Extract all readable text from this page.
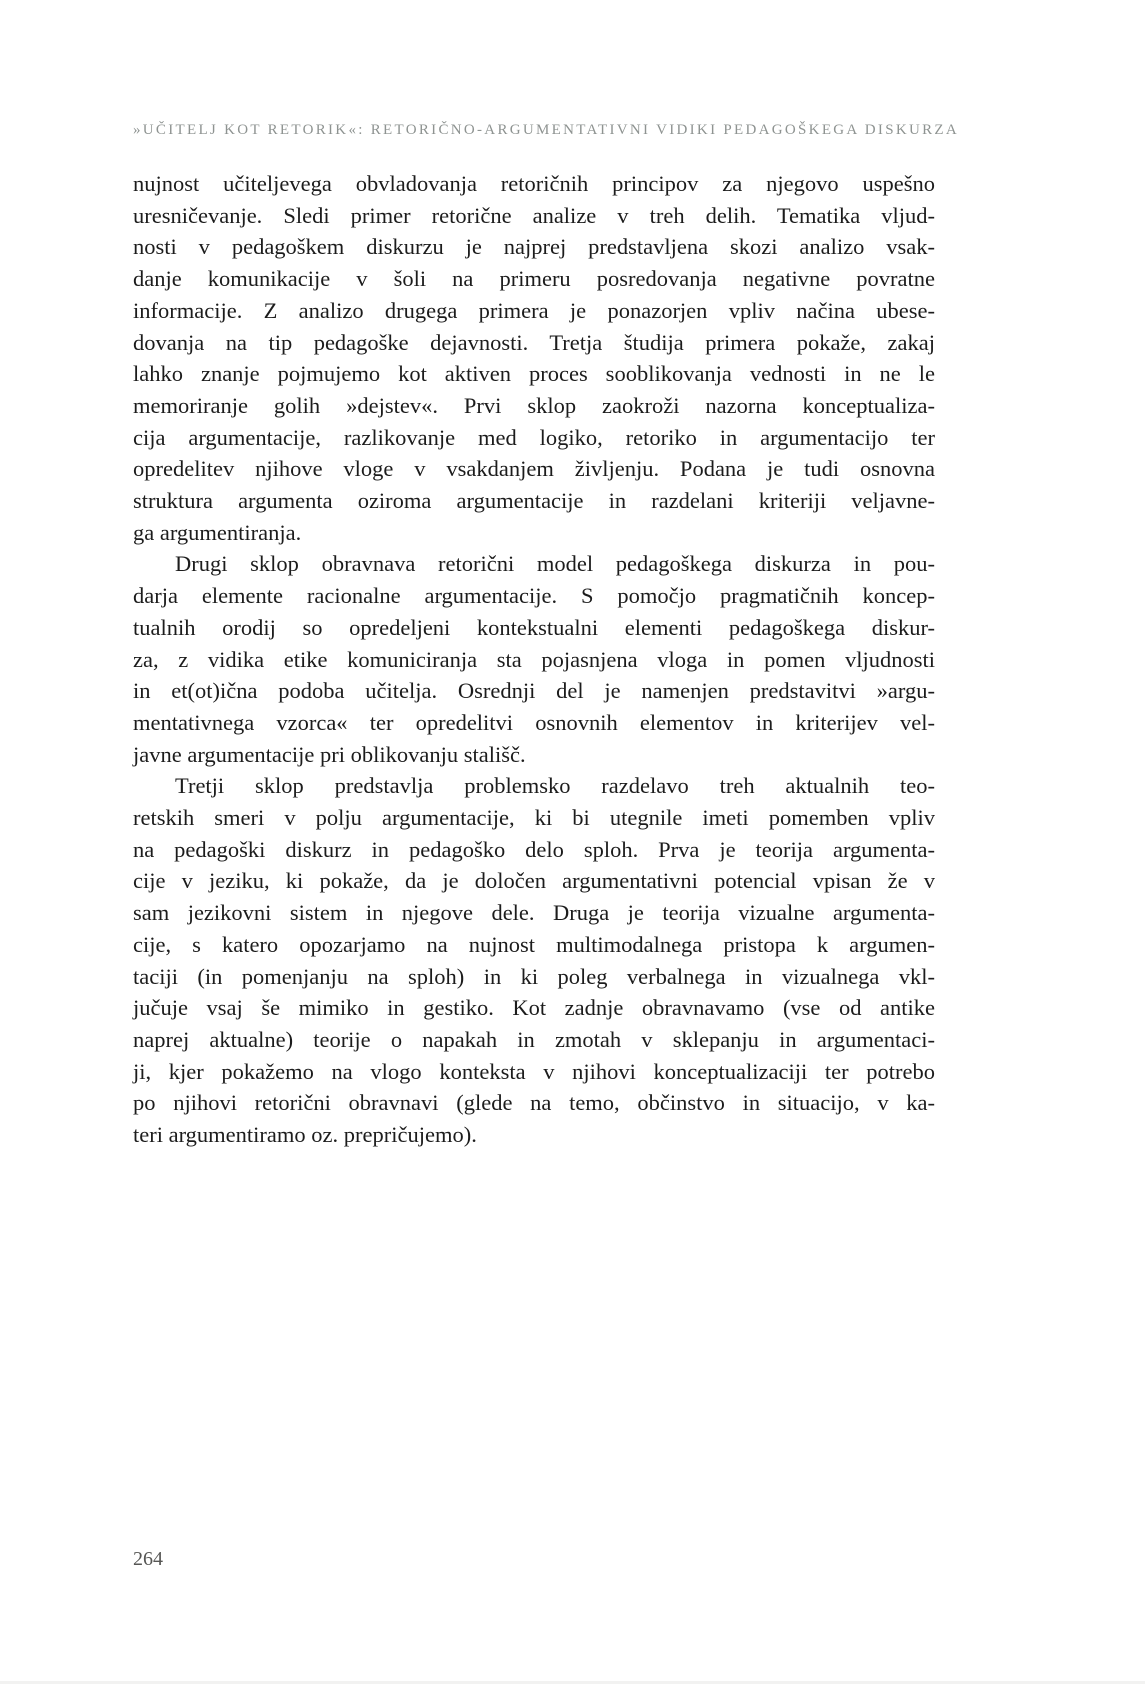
»UČITELJ KOT RETORIK«: RETORIČNO-ARGUMENTATIVNI VIDIKI PEDAGOŠKEGA DISKURZA
nujnost učiteljevega obvladovanja retoričnih principov za njegovo uspešno
uresničevanje. Sledi primer retorične analize v treh delih. Tematika vljud-
nosti v pedagoškem diskurzu je najprej predstavljena skozi analizo vsak-
danje komunikacije v šoli na primeru posredovanja negativne povratne
informacije. Z analizo drugega primera je ponazorjen vpliv načina ubese-
dovanja na tip pedagoške dejavnosti. Tretja študija primera pokaže, zakaj
lahko znanje pojmujemo kot aktiven proces sooblikovanja vednosti in ne le
memoriranje golih »dejstev«. Prvi sklop zaokroži nazorna konceptualiza-
cija argumentacije, razlikovanje med logiko, retoriko in argumentacijo ter
opredelitev njihove vloge v vsakdanjem življenju. Podana je tudi osnovna
struktura argumenta oziroma argumentacije in razdelani kriteriji veljavne-
ga argumentiranja.
Drugi sklop obravnava retorični model pedagoškega diskurza in pou-
darja elemente racionalne argumentacije. S pomočjo pragmatičnih koncep-
tualnih orodij so opredeljeni kontekstualni elementi pedagoškega diskur-
za, z vidika etike komuniciranja sta pojasnjena vloga in pomen vljudnosti
in et(ot)ična podoba učitelja. Osrednji del je namenjen predstavitvi »argu-
mentativnega vzorca« ter opredelitvi osnovnih elementov in kriterijev vel-
javne argumentacije pri oblikovanju stališč.
Tretji sklop predstavlja problemsko razdelavo treh aktualnih teo-
retskih smeri v polju argumentacije, ki bi utegnile imeti pomemben vpliv
na pedagoški diskurz in pedagoško delo sploh. Prva je teorija argumenta-
cije v jeziku, ki pokaže, da je določen argumentativni potencial vpisan že v
sam jezikovni sistem in njegove dele. Druga je teorija vizualne argumenta-
cije, s katero opozarjamo na nujnost multimodalnega pristopa k argumen-
taciji (in pomenjanju na sploh) in ki poleg verbalnega in vizualnega vkl-
jučuje vsaj še mimiko in gestiko. Kot zadnje obravnavamo (vse od antike
naprej aktualne) teorije o napakah in zmotah v sklepanju in argumentaci-
ji, kjer pokažemo na vlogo konteksta v njihovi konceptualizaciji ter potrebo
po njihovi retorični obravnavi (glede na temo, občinstvo in situacijo, v ka-
teri argumentiramo oz. prepričujemo).
264
